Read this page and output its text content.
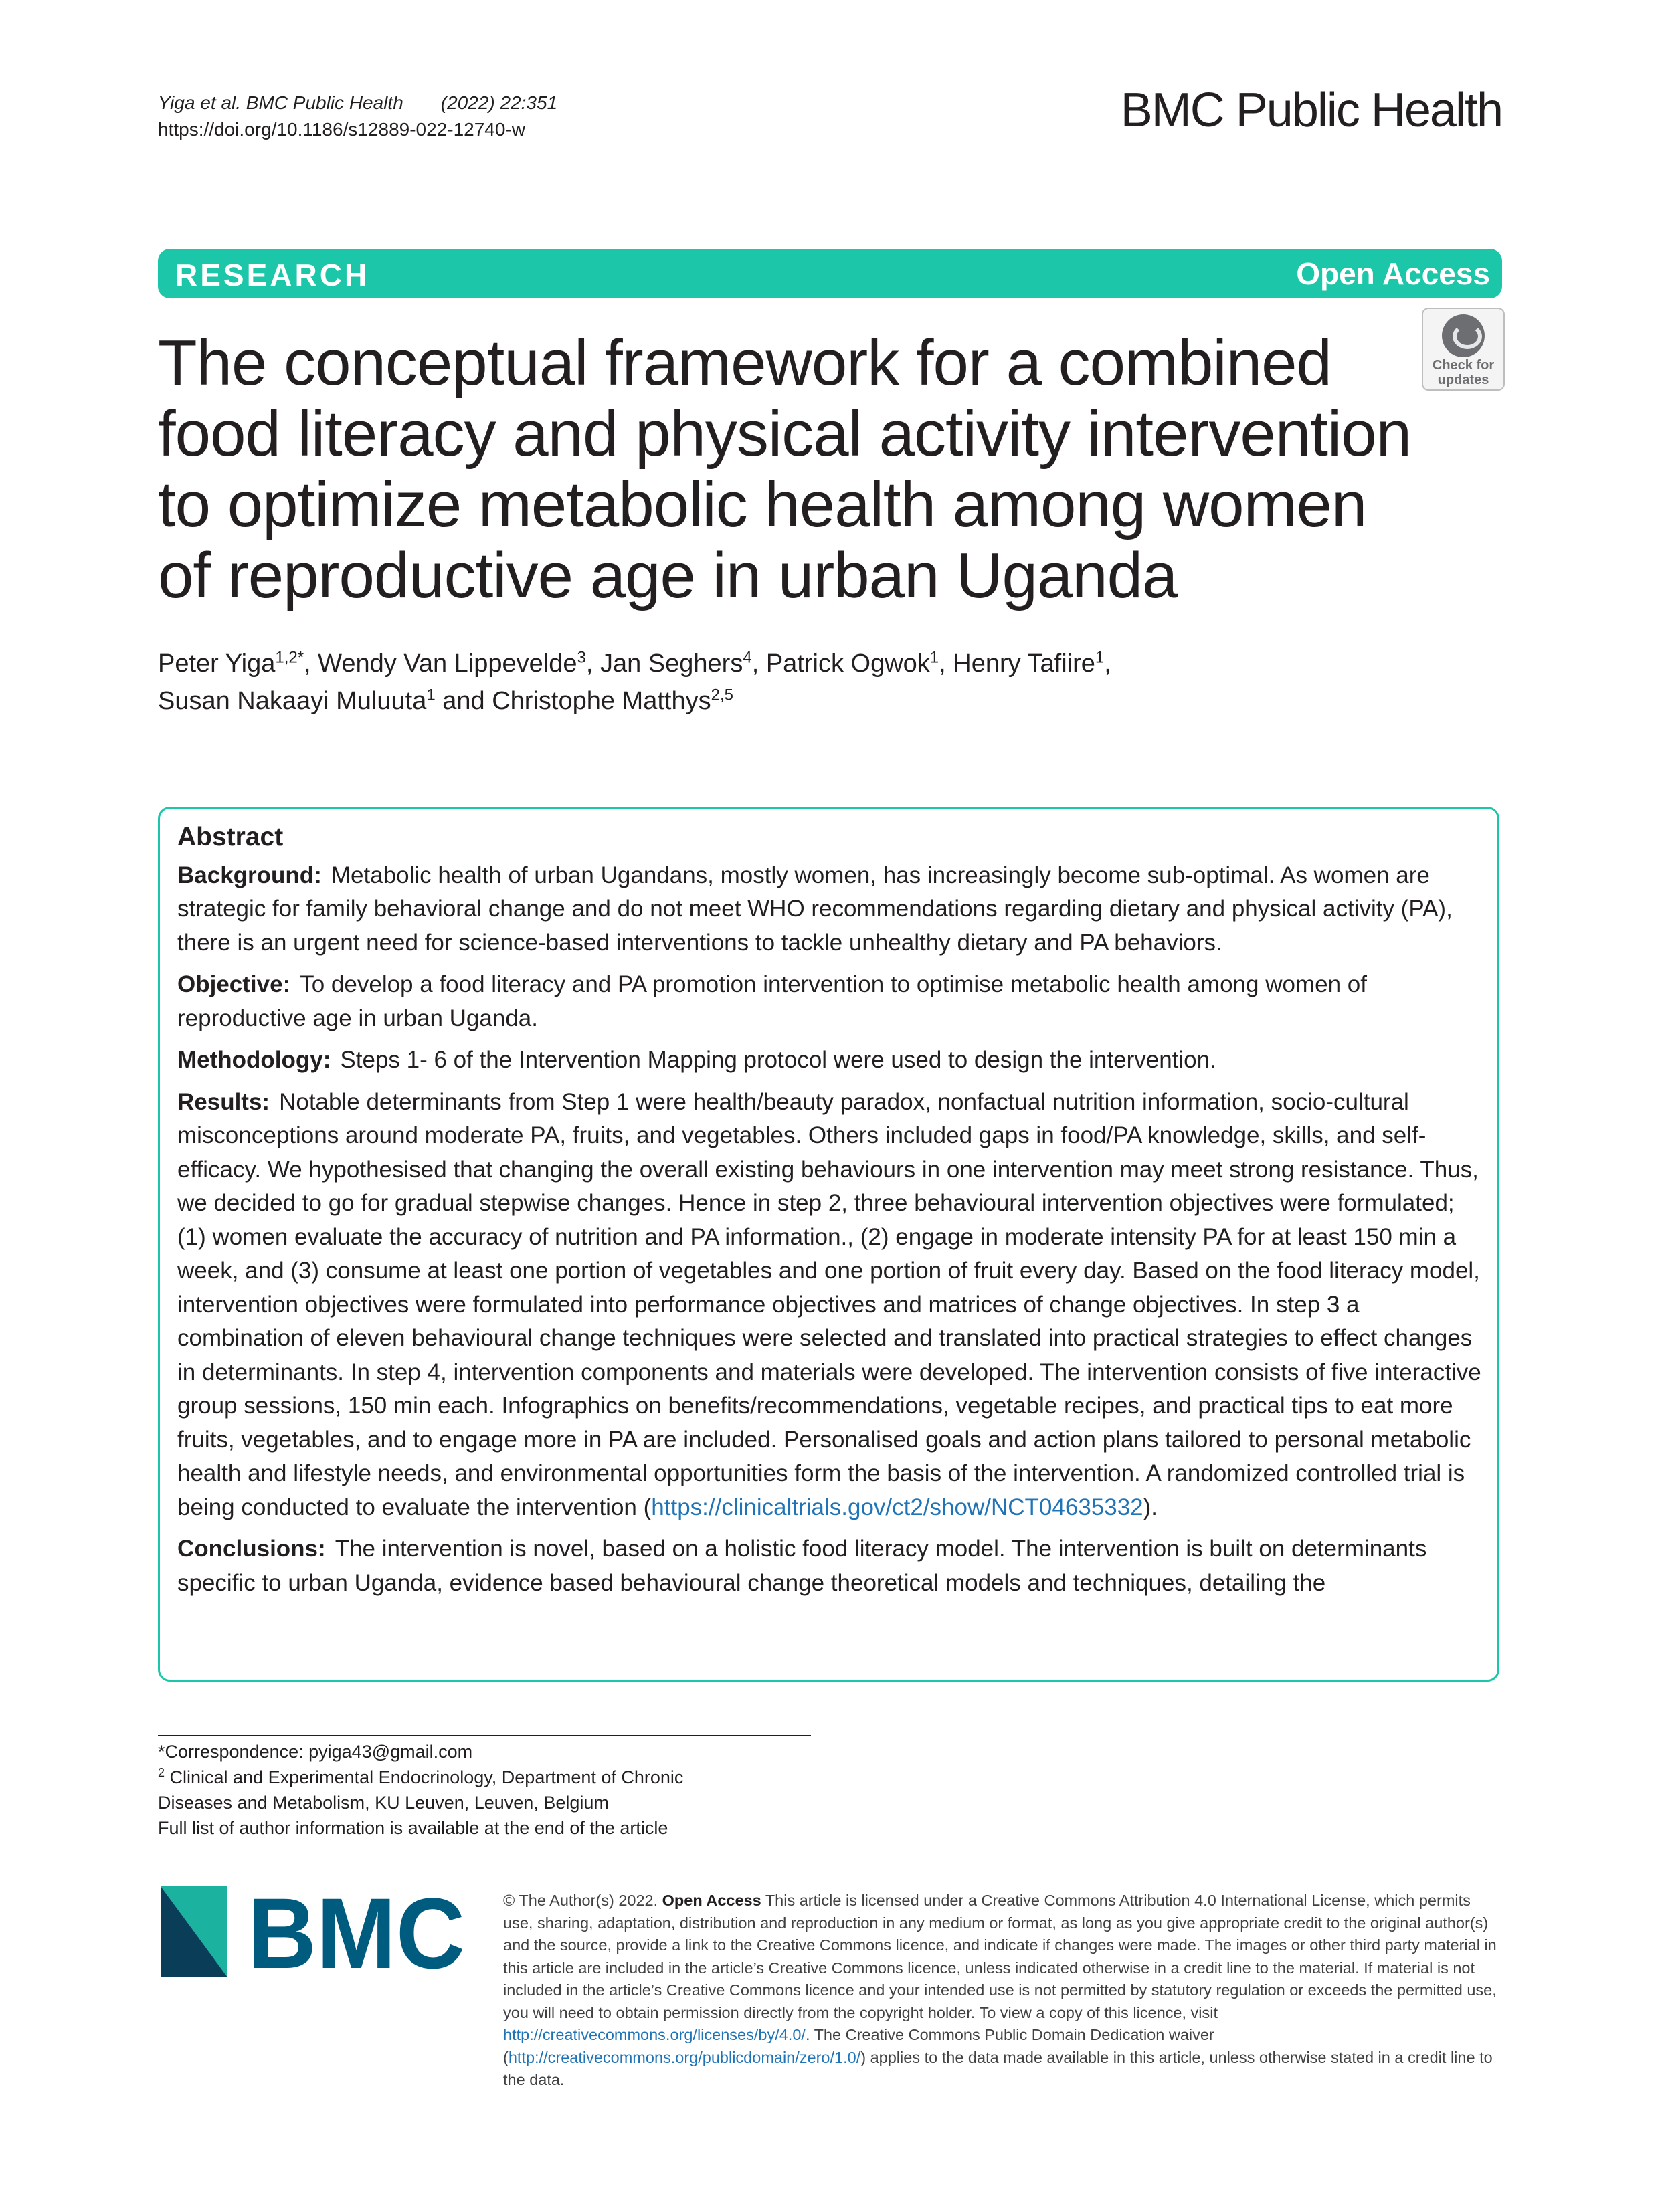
Yiga et al. BMC Public Health (2022) 22:351
https://doi.org/10.1186/s12889-022-12740-w	BMC Public Health
RESEARCH	Open Access
Check for
updates
The conceptual framework for a combined food literacy and physical activity intervention to optimize metabolic health among women of reproductive age in urban Uganda
Peter Yiga$^{1,2*}$, Wendy Van Lippevelde$^3$, Jan Seghers$^4$, Patrick Ogwok$^1$, Henry Tafiire$^1$,
Susan Nakaayi Muluuta$^1$ and Christophe Matthys$^{2,5}$
Abstract

Background: Metabolic health of urban Ugandans, mostly women, has increasingly become sub-optimal. As women are strategic for family behavioral change and do not meet WHO recommendations regarding dietary and physical activity (PA), there is an urgent need for science-based interventions to tackle unhealthy dietary and PA behaviors.

Objective: To develop a food literacy and PA promotion intervention to optimise metabolic health among women of reproductive age in urban Uganda.

Methodology: Steps 1- 6 of the Intervention Mapping protocol were used to design the intervention.

Results: Notable determinants from Step 1 were health/beauty paradox, nonfactual nutrition information, socio-cultural misconceptions around moderate PA, fruits, and vegetables. Others included gaps in food/PA knowledge, skills, and self-efficacy. We hypothesised that changing the overall existing behaviours in one intervention may meet strong resistance. Thus, we decided to go for gradual stepwise changes. Hence in step 2, three behavioural intervention objectives were formulated; (1) women evaluate the accuracy of nutrition and PA information., (2) engage in moderate intensity PA for at least 150 min a week, and (3) consume at least one portion of vegetables and one portion of fruit every day. Based on the food literacy model, intervention objectives were formulated into performance objectives and matrices of change objectives. In step 3 a combination of eleven behavioural change techniques were selected and translated into practical strategies to effect changes in determinants. In step 4, intervention components and materials were developed. The intervention consists of five interactive group sessions, 150 min each. Infographics on benefits/recommendations, vegetable recipes, and practical tips to eat more fruits, vegetables, and to engage more in PA are included. Personalised goals and action plans tailored to personal metabolic health and lifestyle needs, and environmental opportunities form the basis of the intervention. A randomized controlled trial is being conducted to evaluate the intervention (https://clinicaltrials.gov/ct2/show/NCT04635332).

Conclusions: The intervention is novel, based on a holistic food literacy model. The intervention is built on determinants specific to urban Uganda, evidence based behavioural change theoretical models and techniques, detailing the

*Correspondence: pyiga43@gmail.com
$^2$ Clinical and Experimental Endocrinology, Department of Chronic
Diseases and Metabolism, KU Leuven, Leuven, Belgium
Full list of author information is available at the end of the article
BMC © The Author(s) 2022. Open Access This article is licensed under a Creative Commons Attribution 4.0 International License, which permits use, sharing, adaptation, distribution and reproduction in any medium or format, as long as you give appropriate credit to the original author(s) and the source, provide a link to the Creative Commons licence, and indicate if changes were made. The images or other third party material in this article are included in the article’s Creative Commons licence, unless indicated otherwise in a credit line to the material. If material is not included in the article’s Creative Commons licence and your intended use is not permitted by statutory regulation or exceeds the permitted use, you will need to obtain permission directly from the copyright holder. To view a copy of this licence, visit http://creativecommons.org/licenses/by/4.0/. The Creative Commons Public Domain Dedication waiver (http://creativecommons.org/publicdomain/zero/1.0/) applies to the data made available in this article, unless otherwise stated in a credit line to the data.
